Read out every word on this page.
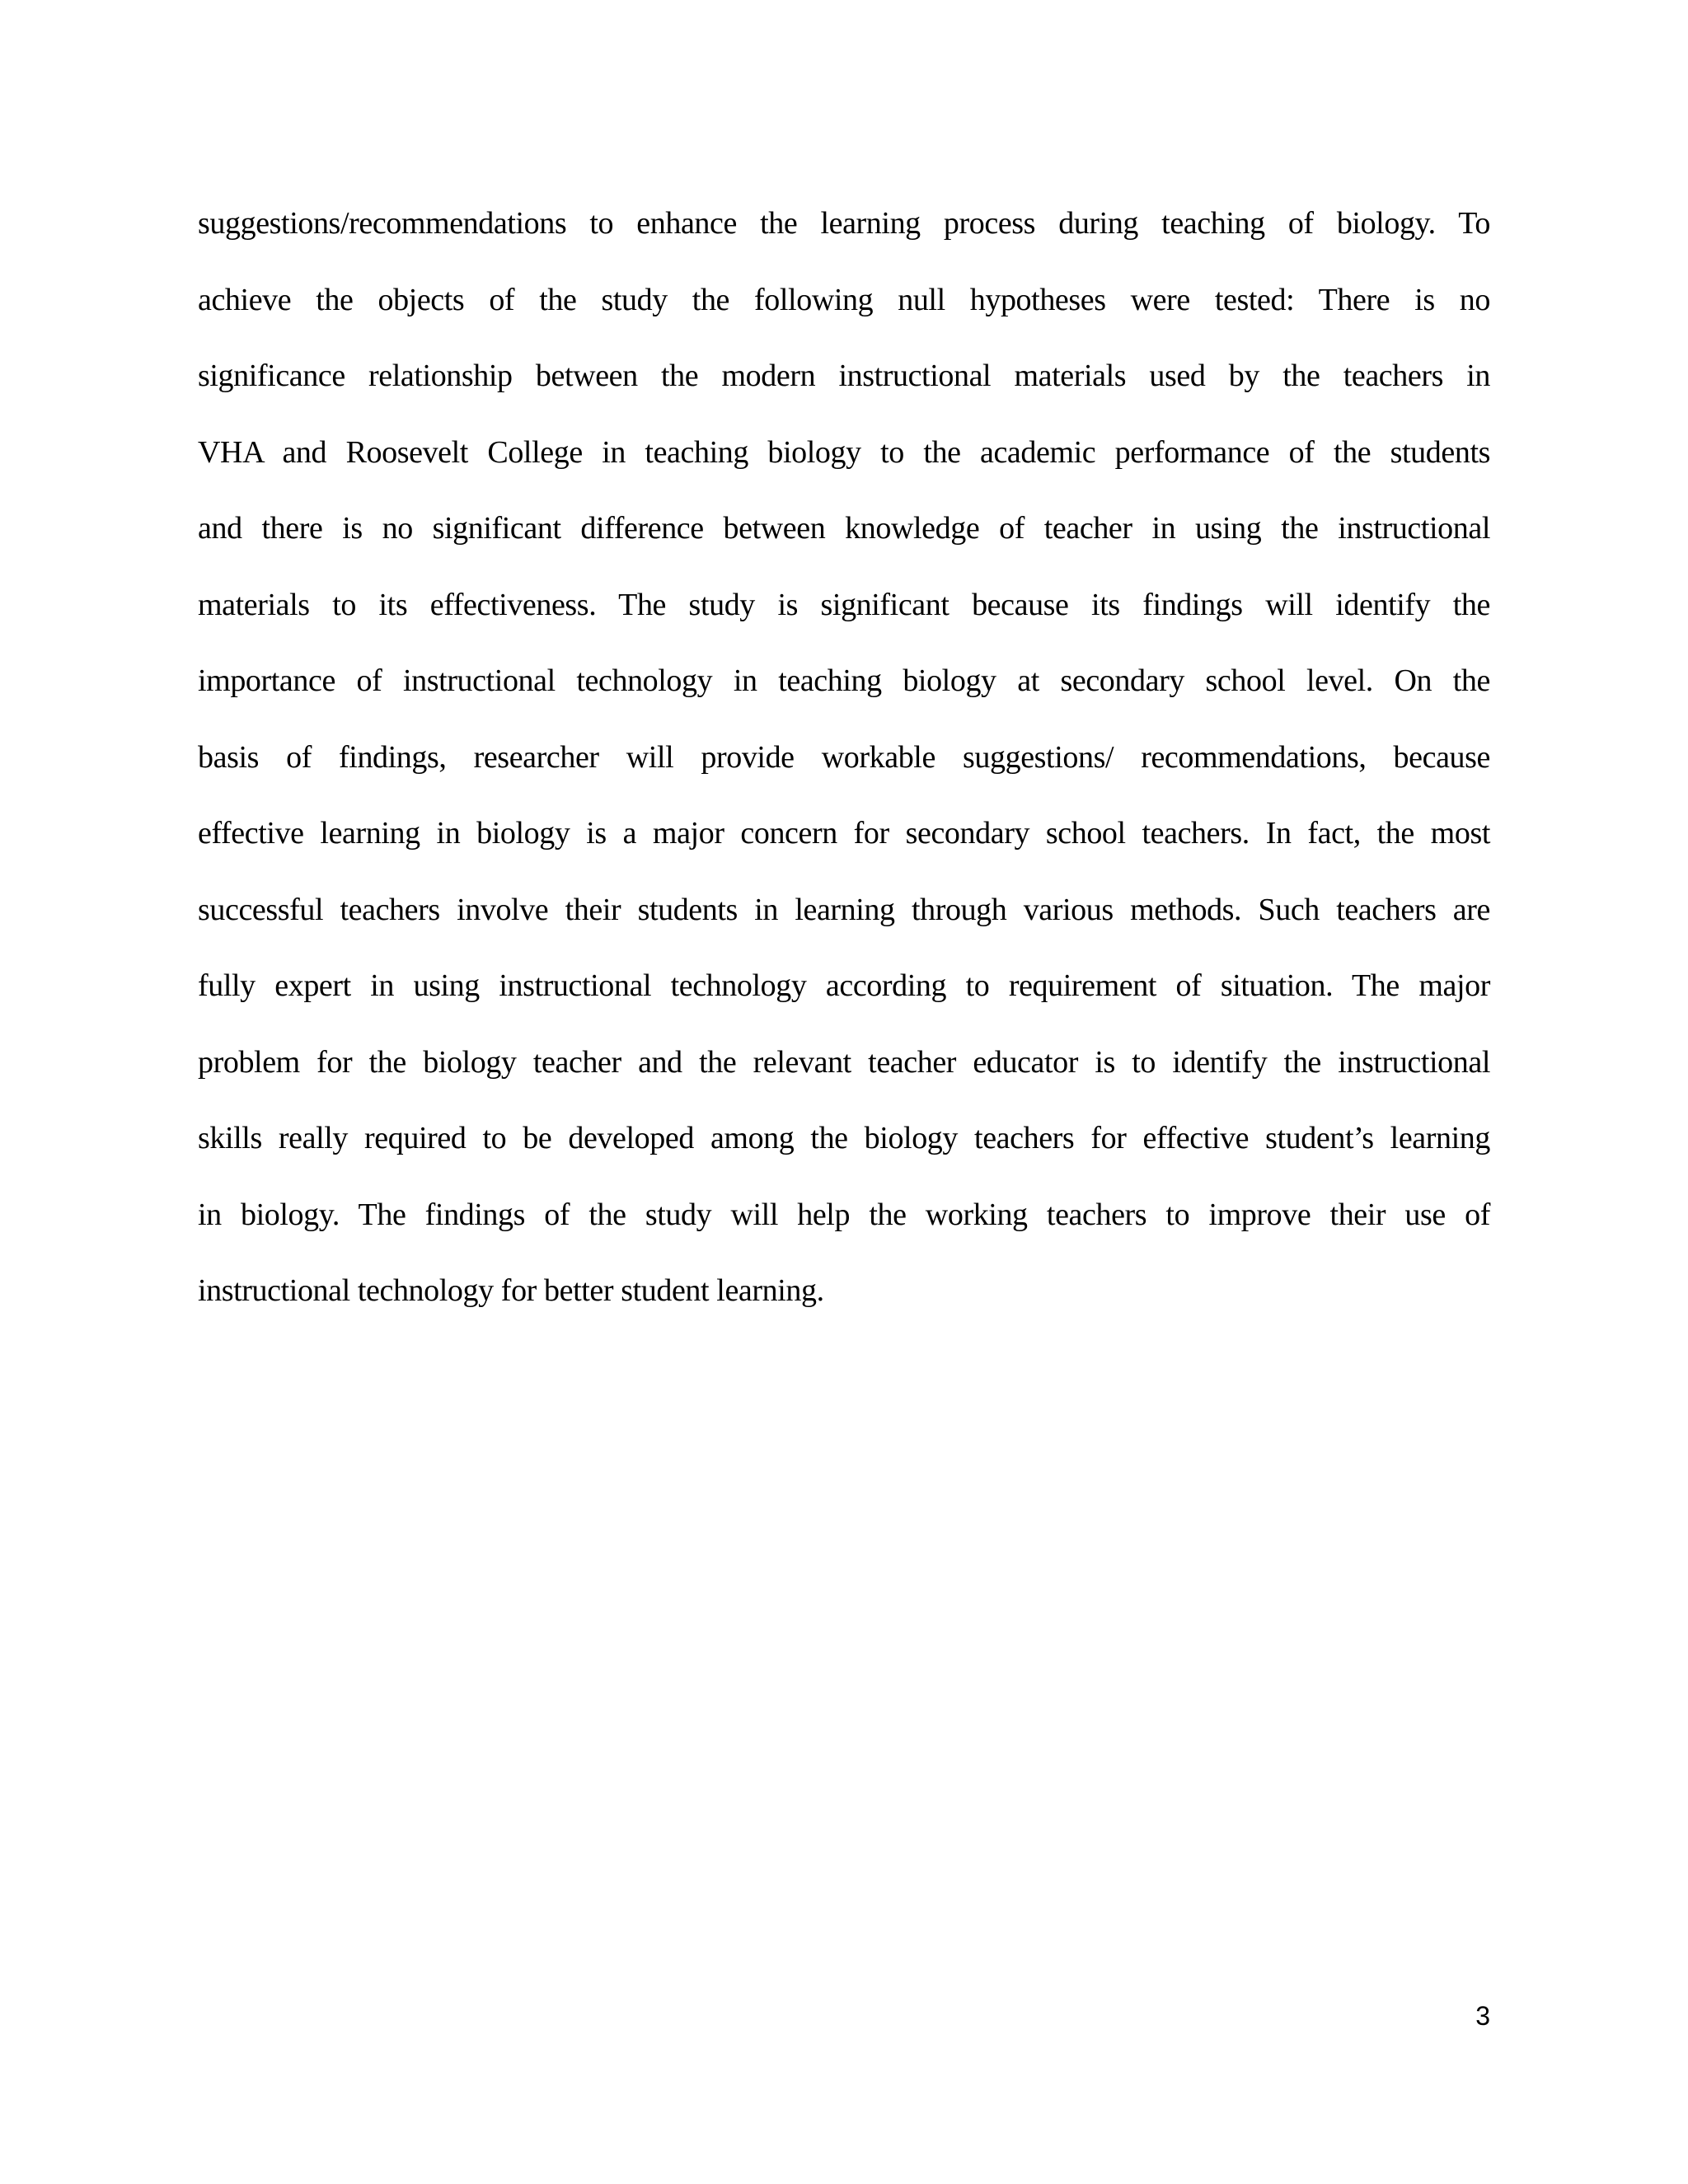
suggestions/recommendations to enhance the learning process during teaching of biology. To
achieve the objects of the study the following null hypotheses were tested: There is no
significance relationship between the modern instructional materials used by the teachers in
VHA and Roosevelt College in teaching biology to the academic performance of the students
and there is no significant difference between knowledge of teacher in using the instructional
materials to its effectiveness. The study is significant because its findings will identify the
importance of instructional technology in teaching biology at secondary school level. On the
basis of findings, researcher will provide workable suggestions/ recommendations, because
effective learning in biology is a major concern for secondary school teachers. In fact, the most
successful teachers involve their students in learning through various methods. Such teachers are
fully expert in using instructional technology according to requirement of situation. The major
problem for the biology teacher and the relevant teacher educator is to identify the instructional
skills really required to be developed among the biology teachers for effective student’s learning
in biology. The findings of the study will help the working teachers to improve their use of
instructional technology for better student learning.
3
